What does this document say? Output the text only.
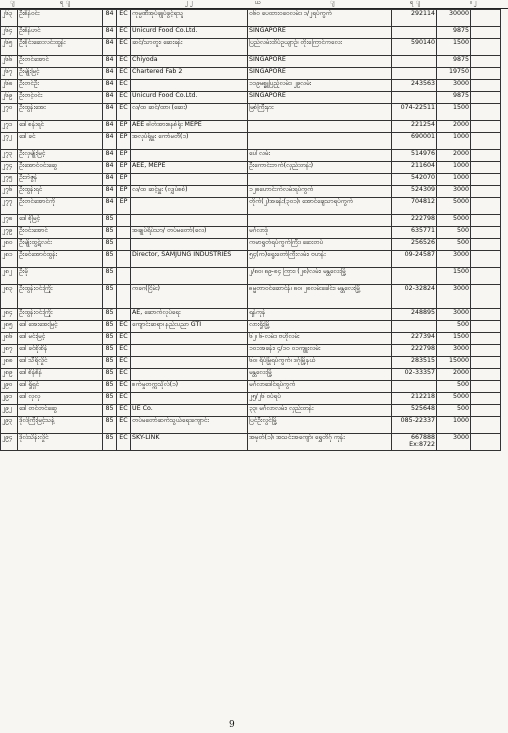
ျ	ရ ျ	၂ ၂	ယ	ျ	ရ ျ	။ ၂
၂၆၃	ဦးစိန်ဝင်း	84	EC	ကုမ္ပဏီအုပ်ချုပ်ခွင့်ရသူ	ဝ၆၀ ပေထား၀ဝေလမ်း၊ ၁/၂ရပ်ကွက်	292114	30000	
၂၆၄	ဦးစိန်ဟင်	84	EC	Unicurd Food Co.Ltd.	SINGAPORE		9875	
၂၆၅	ဦးစိုင်းဆေးလင်းထွန်း	84	EC	ဆင်/သာတူး၊ ဆေးခန်း	ပြည်လမ်းထိပ်ဥယျာဉ်၊ တိုးကြောင်ကလေး	590140	1500	
၂၆၆	ဦးတင်အောင်	84	EC	Chiyoda	SINGAPORE		9875	
၂၆၇	ဦးမျိုးမြင့်	84	EC	Chartered Fab 2	SINGAPORE		19750	
၂၆၈	ဦးတင်ဦး	84	EC		၁၁၉မစ္စူပြည့်လမ်း၊ ၂၉လမ်း	243563	3000	
၂၆၉	ဦးတင့်ဝင်း	84	EC	Unicurd Food Co.Ltd.	SINGAPORE		9875	
၂၇၀	ဦးထွန်းအေး	84	EC	လ/ထ ဆင်/ထာ၊ (ဆေး)	မြစ်ကြီးနား	074-22511	1500	
၂၇၁	ဒေါ်စန်းရင်	84	EP	AEE ဓါတ်အားစနစ်ရုံး MEPE		221254	2000	
၂၇၂	ဒေါ်ခင်	84	EP	အလုပ်ရုံမှူး ကော်မတီ(၁)		690001	1000	
၂၇၃	ဦးလှမျိုးမြင့်	84	EP		ပေါ်လမ်း	514976	2000	
၂၇၄	ဦးအောင်ဝင်းဆွေ	84	EP	AEE, MEPE	ဦးကောင်းဘက်(လှည်းတန်း)	211604	1000	
၂၇၅	ဦးဘဲဇွန်	84	EP			542070	1000	
၂၇၆	ဦးထွန်းရင်	84	EP	လ/ထ ဆင့်မှူး (လျှပ်စစ်)	၁၂၈ဟောင်းကဲလမ်းရပ်ကွက်	524309	3000	
၂၇၇	ဦးတင်အောင်ကို	84	EP		တိုက်(၂)အခန်း(၃၀၁)၊ အောင်ချေသာရပ်ကွက်	704812	5000	
၂၇၈	ဒေါ်စိုမြင့်	85				222798	5000	
၂၇၉	ဦးဝင်းအောင်	85		အချုပ်ရိပ်သာ/ တပ်မတော်(လေ)	မင်္ဂလာဒုံ	635771	500	
၂၈၀	ဦးမျိုးထွဋ်လင်း	85			ကမာရွတ်ရပ်ကွက်ကြီး၊ ဆေးတပ်	256526	500	
၂၈၁	ဦးခင်အောင်ထွန်း	85		Director, SAMJUNG INDUSTRIES	၅၄(က)ရွေးတော်ကြီးလမ်း၊ ဗဟန်း	09-24587	3000	
၂၈၂	ဦးမို	85			၂/၈၀၊ ၈၉-၈၄ ကြား၊ (၂၈)လမ်း၊ မန္တလေးမြို့		1500	
၂၈၃	ဦးထွန်းဝင်းကြိုး	85		ကခဂ(ငြိမ်း)	ဓမ္မတာဝင်ဆောင်နံ၊ ၈၀၊ ၂၈လမ်းခေါင်း၊ မန္တလေးမြို့	02-32824	3000	
၂၈၄	ဦးထွန်းဝင်းကြိုး	85		AE, ဆောက်လုပ်ရေး	ရန်ကုန်	248895	3000	
၂၈၅	ဒေါ်အေးအေးမြင့်	85	EC	ကျောင်းဆရာ၊ နည်းပညာ GTI	လားရှိုးမြို့		500	
၂၈၆	ဒေါ်မင်းမြင့်	85	EC		၆၂၊ ၆-လမ်း၊ ဗဟိုလမ်း	227394	1500	
၂၈၇	ဒေါ်ခင်စိုးစိန်	85	EC		၁၀၁အခန်း၊ ၄/၁၀ ၀၁ကျူးလမ်း	222798	3000	
၂၈၈	ဒေါ်သီရိလှိုင်	85	EC		၆၀၊ ရိပ်မြုံရပ်ကွက်၊ ဒဂုံမြို့နယ်	283515	15000	
၂၈၉	ဒေါ်စိန်စိန်	85	EC		မန္တလေးမြို့	02-33357	2000	
၂၉၀	ဒေါ်ရှိုရှင်	85	EC	စက်မှုတက္ကသိုလ်(၁)	မင်္ဂလာဒေါင်ရပ်ကွက်		500	
၂၉၁	ဒေါ်လှလှ	85	EC		၂၅/၂၆ ၀ပ်ရပ်	212218	5000	
၂၉၂	ဒေါ်တင်တင်ဆွေ	85	EC	UE Co.	၃၃၊ မင်္ဂလာလမ်း၊ လှည်းတန်း	525648	500	
၂၉၃	ဒိုလ်ကြီးမြင့်သန့်	85	EC	တပ်မတော်ဆက်သွယ်ရေးကျောင်း	ပြင်ဦးလွင်မြို့	085-22337	1000	
၂၉၄	ဒိုလ်သိန်းလှိုင်	85	EC	SKY-LINK	အမှတ်(၁)၊ အသင်းအကျော်၊ ရွှေတိဂုံ ကုန်း	667888 Ex:8722	3000	
9
